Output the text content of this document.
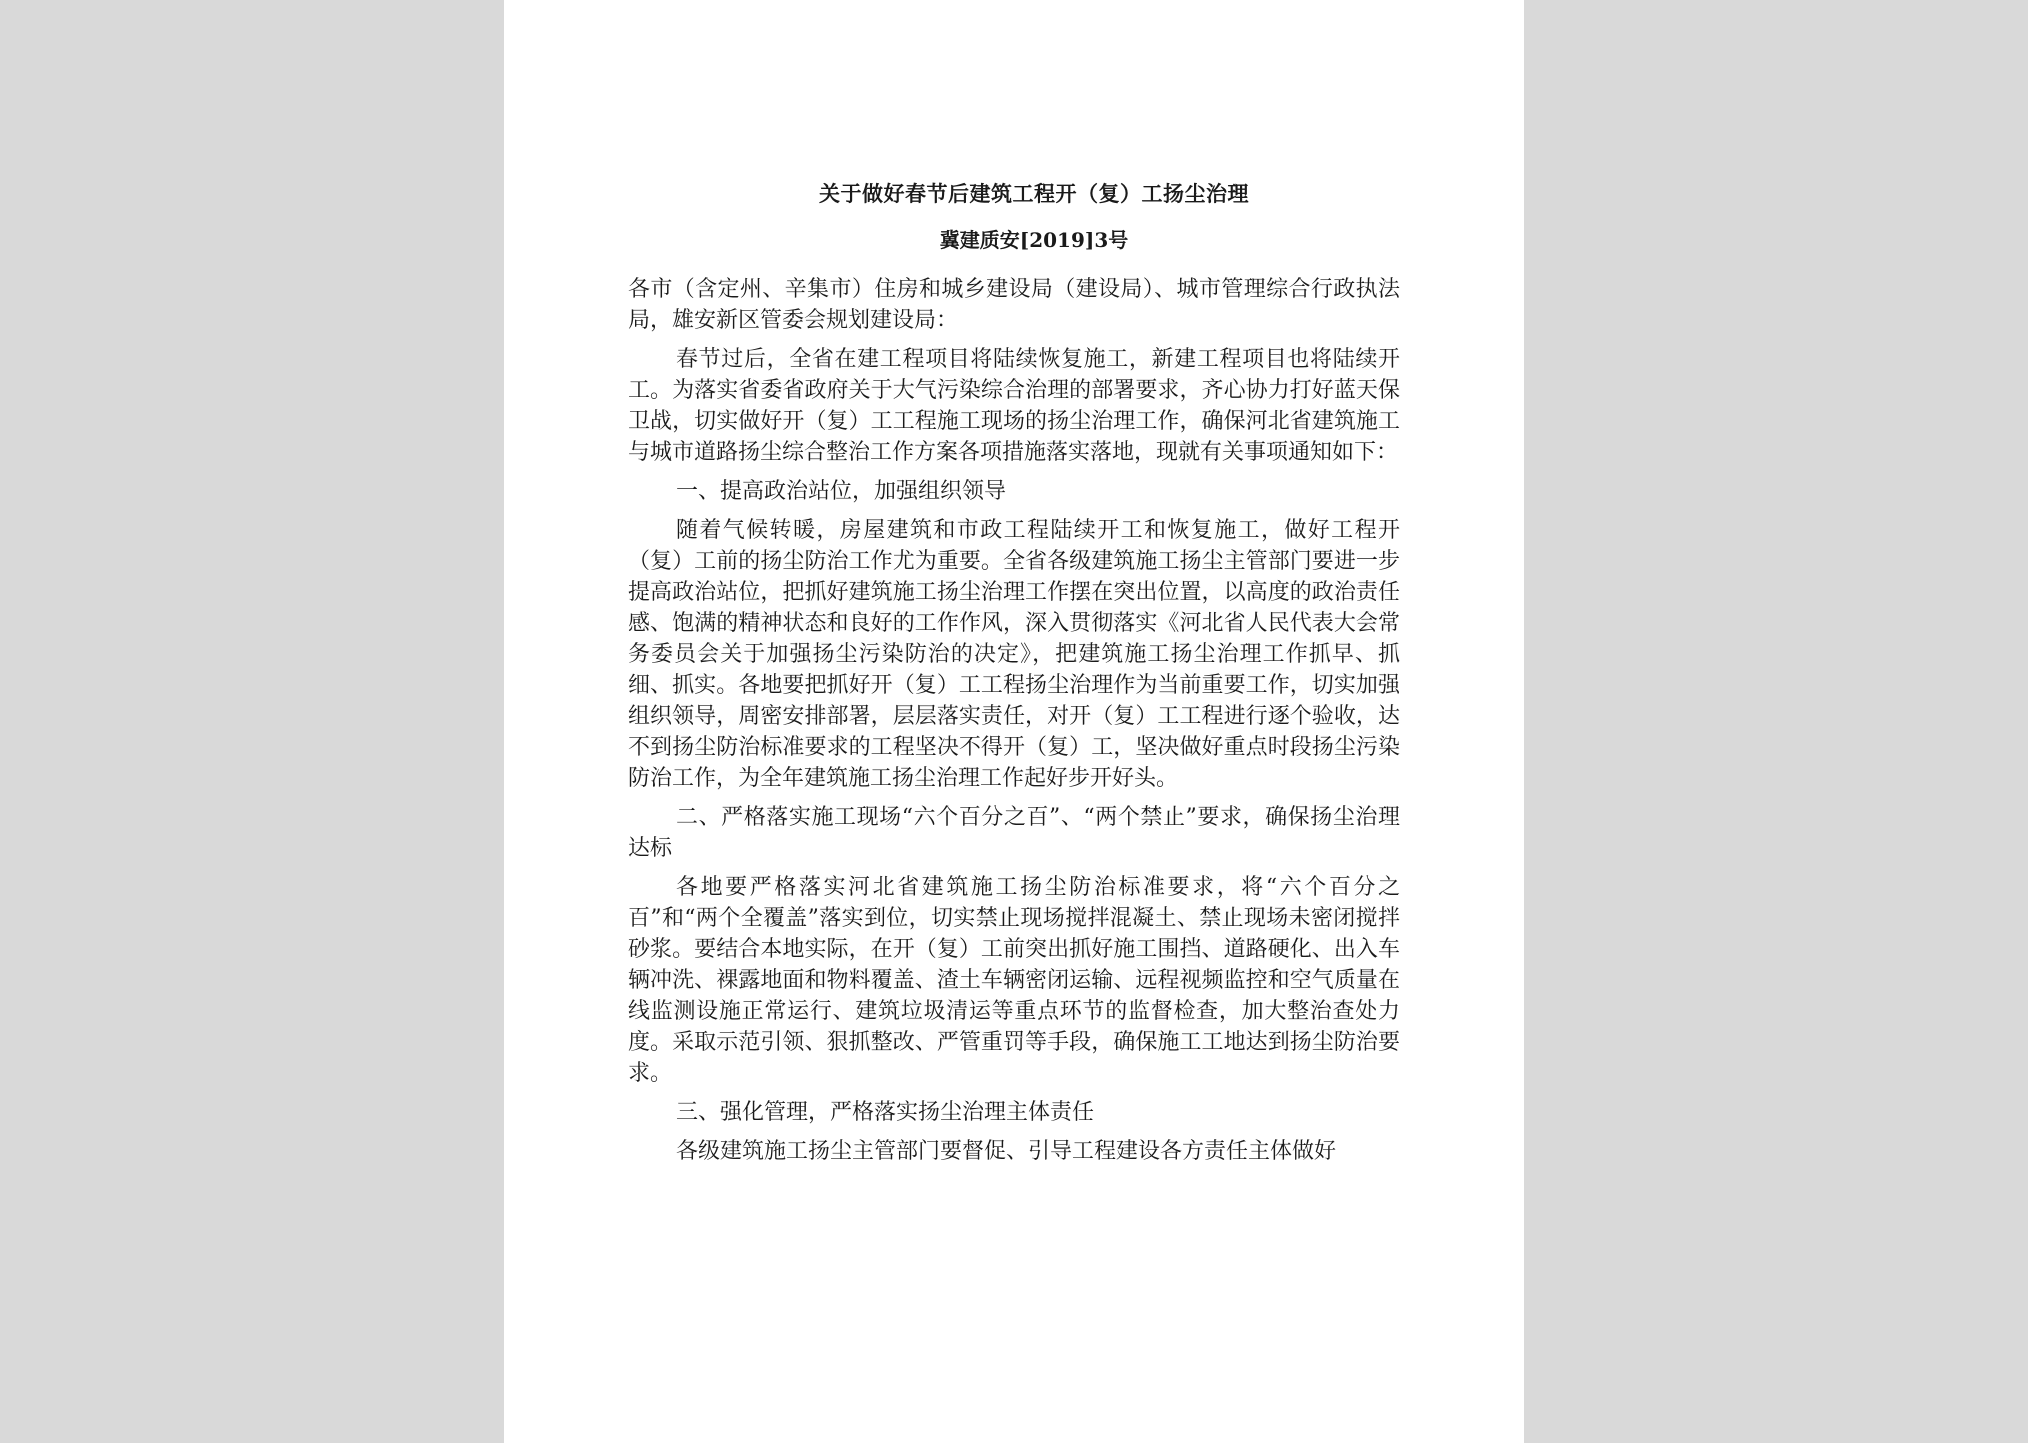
关于做好春节后建筑工程开（复）工扬尘治理
冀建质安[2019]3号

各市（含定州、辛集市）住房和城乡建设局（建设局）、城市管理综合行政执法局，雄安新区管委会规划建设局：

春节过后，全省在建工程项目将陆续恢复施工，新建工程项目也将陆续开工。为落实省委省政府关于大气污染综合治理的部署要求，齐心协力打好蓝天保卫战，切实做好开（复）工工程施工现场的扬尘治理工作，确保河北省建筑施工与城市道路扬尘综合整治工作方案各项措施落实落地，现就有关事项通知如下：

一、提高政治站位，加强组织领导

随着气候转暖，房屋建筑和市政工程陆续开工和恢复施工，做好工程开（复）工前的扬尘防治工作尤为重要。全省各级建筑施工扬尘主管部门要进一步提高政治站位，把抓好建筑施工扬尘治理工作摆在突出位置，以高度的政治责任感、饱满的精神状态和良好的工作作风，深入贯彻落实《河北省人民代表大会常务委员会关于加强扬尘污染防治的决定》，把建筑施工扬尘治理工作抓早、抓细、抓实。各地要把抓好开（复）工工程扬尘治理作为当前重要工作，切实加强组织领导，周密安排部署，层层落实责任，对开（复）工工程进行逐个验收，达不到扬尘防治标准要求的工程坚决不得开（复）工，坚决做好重点时段扬尘污染防治工作，为全年建筑施工扬尘治理工作起好步开好头。

二、严格落实施工现场“六个百分之百”、“两个禁止”要求，确保扬尘治理达标

各地要严格落实河北省建筑施工扬尘防治标准要求，将“六个百分之百”和“两个全覆盖”落实到位，切实禁止现场搅拌混凝土、禁止现场未密闭搅拌砂浆。要结合本地实际，在开（复）工前突出抓好施工围挡、道路硬化、出入车辆冲洗、裸露地面和物料覆盖、渣土车辆密闭运输、远程视频监控和空气质量在线监测设施正常运行、建筑垃圾清运等重点环节的监督检查，加大整治查处力度。采取示范引领、狠抓整改、严管重罚等手段，确保施工工地达到扬尘防治要求。

三、强化管理，严格落实扬尘治理主体责任

各级建筑施工扬尘主管部门要督促、引导工程建设各方责任主体做好
